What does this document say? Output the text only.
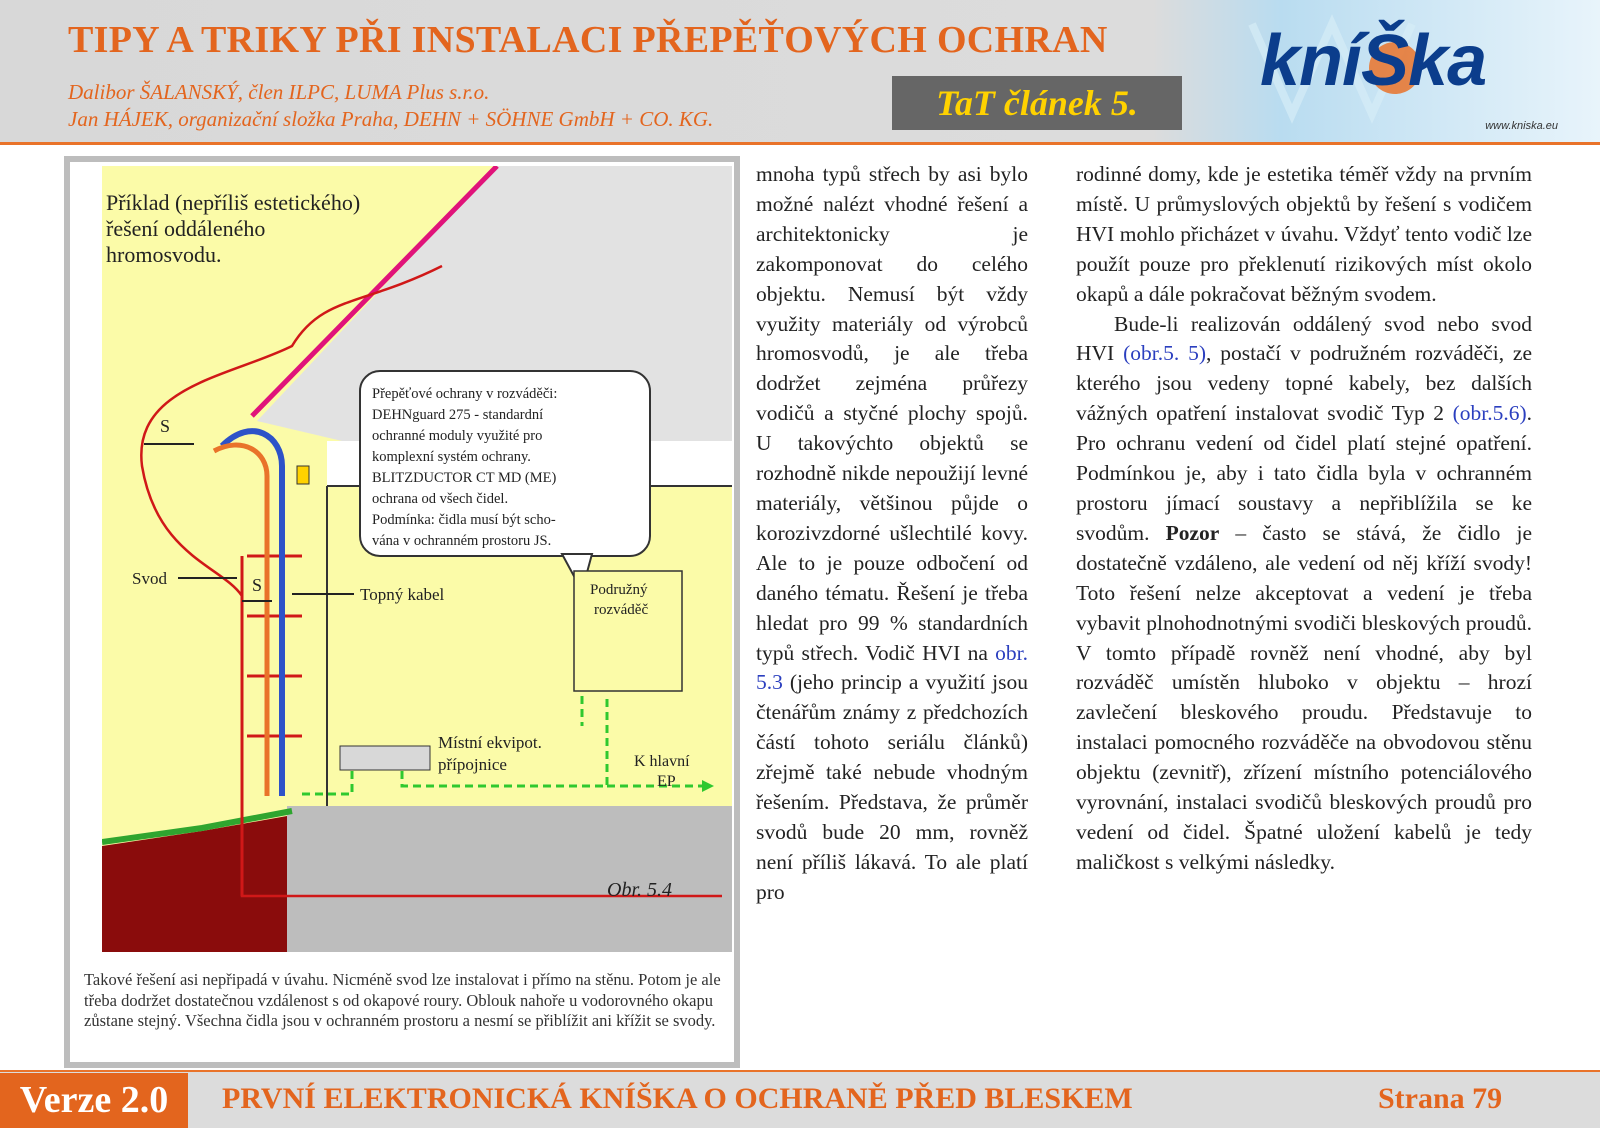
TIPY A TRIKY PŘI INSTALACI PŘEPĚŤOVÝCH OCHRAN
Dalibor ŠALANSKÝ, člen ILPC, LUMA Plus s.r.o.
Jan HÁJEK, organizační složka Praha, DEHN + SÖHNE GmbH + CO. KG.	TaT článek 5.
kníŠka
www.kniska.eu
S
S
Příklad (nepříliš estetického)
řešení oddáleného
hromosvodu.
Svod
Topný kabel
Přepěťové ochrany v rozváděči:
DEHNguard 275 - standardní
ochranné moduly využité pro
komplexní systém ochrany.
BLITZDUCTOR CT MD (ME)
ochrana od všech čidel.
Podmínka: čidla musí být scho-
vána v ochranném prostoru JS.
Podružný
rozváděč
Místní ekvipot.
přípojnice	K hlavní
EP
Obr. 5.4

Takové řešení asi nepřipadá v úvahu. Nicméně svod lze instalovat i přímo na stěnu. Potom je ale třeba dodržet dostatečnou vzdálenost s od okapové roury. Oblouk nahoře u vodorovného okapu zůstane stejný. Všechna čidla jsou v ochranném prostoru a nesmí se přiblížit ani křížit se svody.

mnoha typů střech by asi bylo možné nalézt vhodné řešení a architektonicky je zakomponovat do celého objektu. Nemusí být vždy využity materiály od výrobců hromosvodů, je ale třeba dodržet zejména průřezy vodičů a styčné plochy spojů. U takovýchto objektů se rozhodně nikde nepoužijí levné materiály, většinou půjde o korozivzdorné ušlechtilé kovy. Ale to je pouze odbočení od daného tématu. Řešení je třeba hledat pro 99 % standardních typů střech. Vodič HVI na obr. 5.3 (jeho princip a využití jsou čtenářům známy z předchozích částí tohoto seriálu článků) zřejmě také nebude vhodným řešením. Představa, že průměr svodů bude 20 mm, rovněž není příliš lákavá. To ale platí pro

rodinné domy, kde je estetika téměř vždy na prvním místě. U průmyslových objektů by řešení s vodičem HVI mohlo přicházet v úvahu. Vždyť tento vodič lze použít pouze pro překlenutí rizikových míst okolo okapů a dále pokračovat běžným svodem.

Bude-li realizován oddálený svod nebo svod HVI (obr.5. 5), postačí v podružném rozváděči, ze kterého jsou vedeny topné kabely, bez dalších vážných opatření instalovat svodič Typ 2 (obr.5.6). Pro ochranu vedení od čidel platí stejné opatření. Podmínkou je, aby i tato čidla byla v ochranném prostoru jímací soustavy a nepřiblížila se ke svodům. Pozor – často se stává, že čidlo je dostatečně vzdáleno, ale vedení od něj kříží svody! Toto řešení nelze akceptovat a vedení je třeba vybavit plnohodnotnými svodiči bleskových proudů. V tomto případě rovněž není vhodné, aby byl rozváděč umístěn hluboko v objektu – hrozí zavlečení bleskového proudu. Představuje to instalaci pomocného rozváděče na obvodovou stěnu objektu (zevnitř), zřízení místního potenciálového vyrovnání, instalaci svodičů bleskových proudů pro vedení od čidel. Špatné uložení kabelů je tedy maličkost s velkými následky.

Verze 2.0	PRVNÍ ELEKTRONICKÁ KNÍŠKA O OCHRANĚ PŘED BLESKEM	Strana 79
